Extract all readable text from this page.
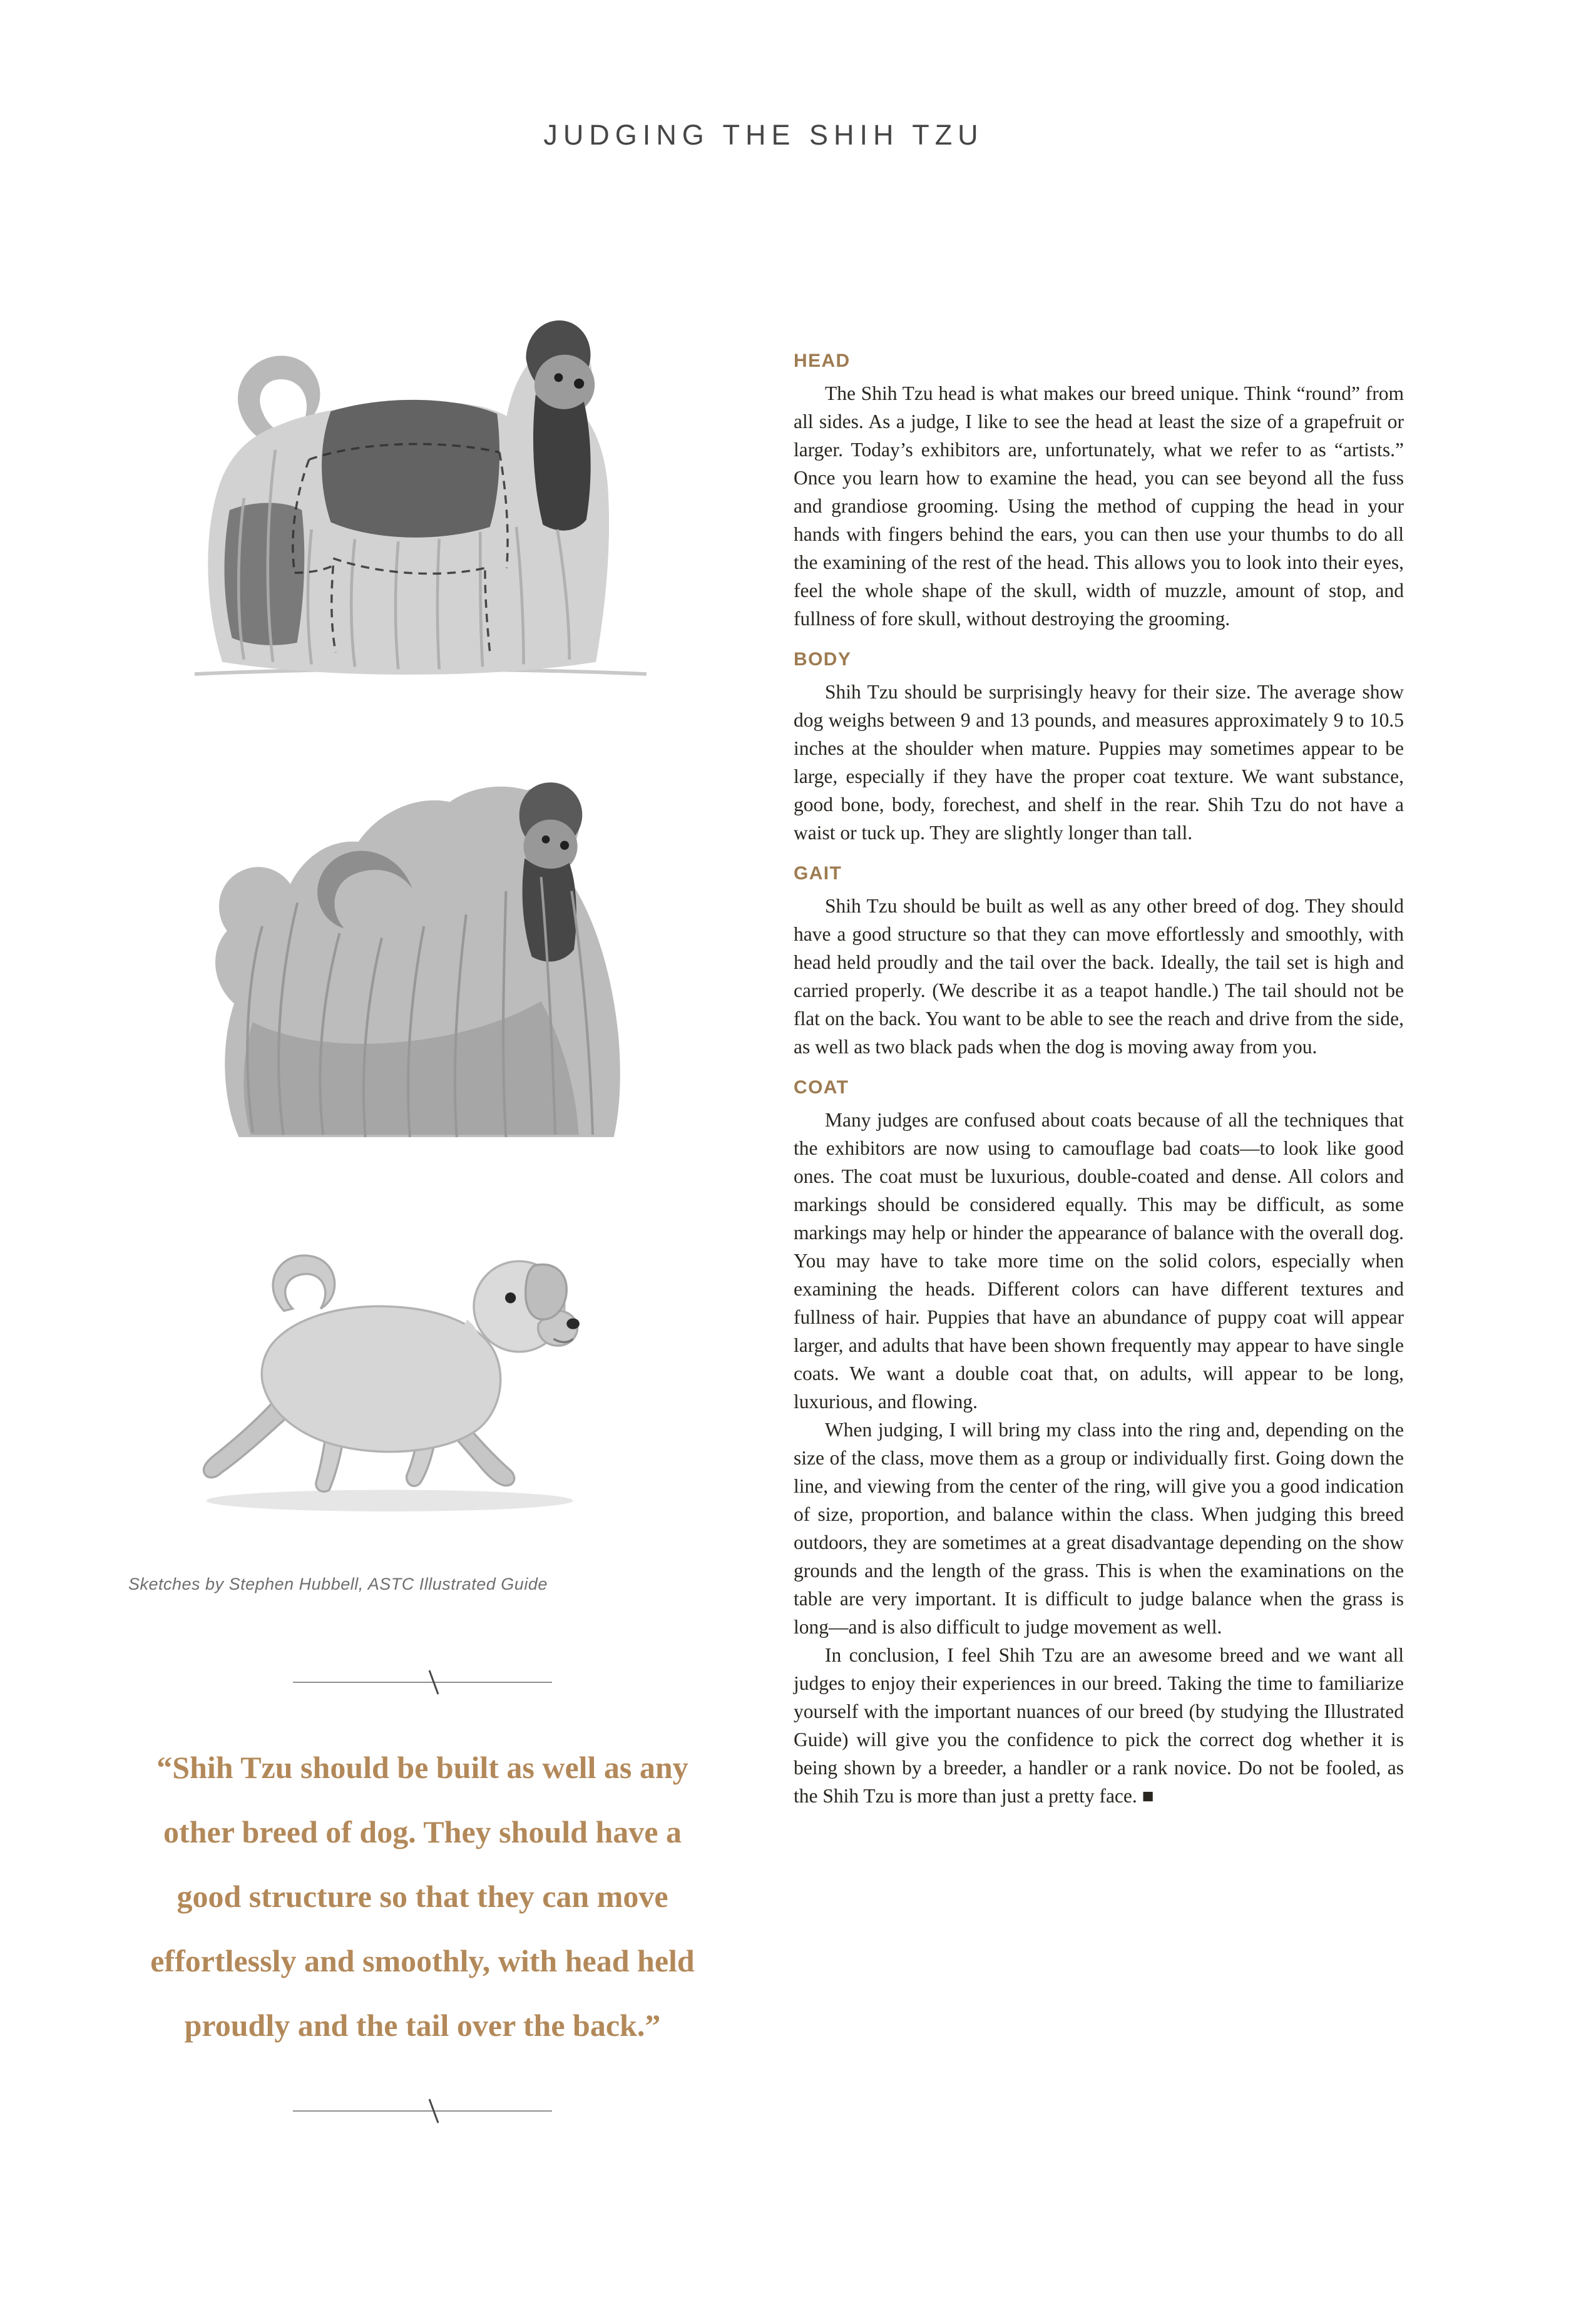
JUDGING THE SHIH TZU

Sketches by Stephen Hubbell, ASTC Illustrated Guide

“Shih Tzu should be built as well as any other breed of dog. They should have a good structure so that they can move effortlessly and smoothly, with head held proudly and the tail over the back.”
HEAD

The Shih Tzu head is what makes our breed unique. Think “round” from all sides. As a judge, I like to see the head at least the size of a grapefruit or larger. Today’s exhibitors are, unfortunately, what we refer to as “artists.” Once you learn how to examine the head, you can see beyond all the fuss and grandiose grooming. Using the method of cupping the head in your hands with fingers behind the ears, you can then use your thumbs to do all the examining of the rest of the head. This allows you to look into their eyes, feel the whole shape of the skull, width of muzzle, amount of stop, and fullness of fore skull, without destroying the grooming.

BODY

Shih Tzu should be surprisingly heavy for their size. The average show dog weighs between 9 and 13 pounds, and measures approximately 9 to 10.5 inches at the shoulder when mature. Puppies may sometimes appear to be large, especially if they have the proper coat texture. We want substance, good bone, body, forechest, and shelf in the rear. Shih Tzu do not have a waist or tuck up. They are slightly longer than tall.

GAIT

Shih Tzu should be built as well as any other breed of dog. They should have a good structure so that they can move effortlessly and smoothly, with head held proudly and the tail over the back. Ideally, the tail set is high and carried properly. (We describe it as a teapot handle.) The tail should not be flat on the back. You want to be able to see the reach and drive from the side, as well as two black pads when the dog is moving away from you.

COAT

Many judges are confused about coats because of all the techniques that the exhibitors are now using to camouflage bad coats—to look like good ones. The coat must be luxurious, double-coated and dense. All colors and markings should be considered equally. This may be difficult, as some markings may help or hinder the appearance of balance with the overall dog. You may have to take more time on the solid colors, especially when examining the heads. Different colors can have different textures and fullness of hair. Puppies that have an abundance of puppy coat will appear larger, and adults that have been shown frequently may appear to have single coats. We want a double coat that, on adults, will appear to be long, luxurious, and flowing.

When judging, I will bring my class into the ring and, depending on the size of the class, move them as a group or individually first. Going down the line, and viewing from the center of the ring, will give you a good indication of size, proportion, and balance within the class. When judging this breed outdoors, they are sometimes at a great disadvantage depending on the show grounds and the length of the grass. This is when the examinations on the table are very important. It is difficult to judge balance when the grass is long—and is also difficult to judge movement as well.

In conclusion, I feel Shih Tzu are an awesome breed and we want all judges to enjoy their experiences in our breed. Taking the time to familiarize yourself with the important nuances of our breed (by studying the Illustrated Guide) will give you the confidence to pick the correct dog whether it is being shown by a breeder, a handler or a rank novice. Do not be fooled, as the Shih Tzu is more than just a pretty face. ■
